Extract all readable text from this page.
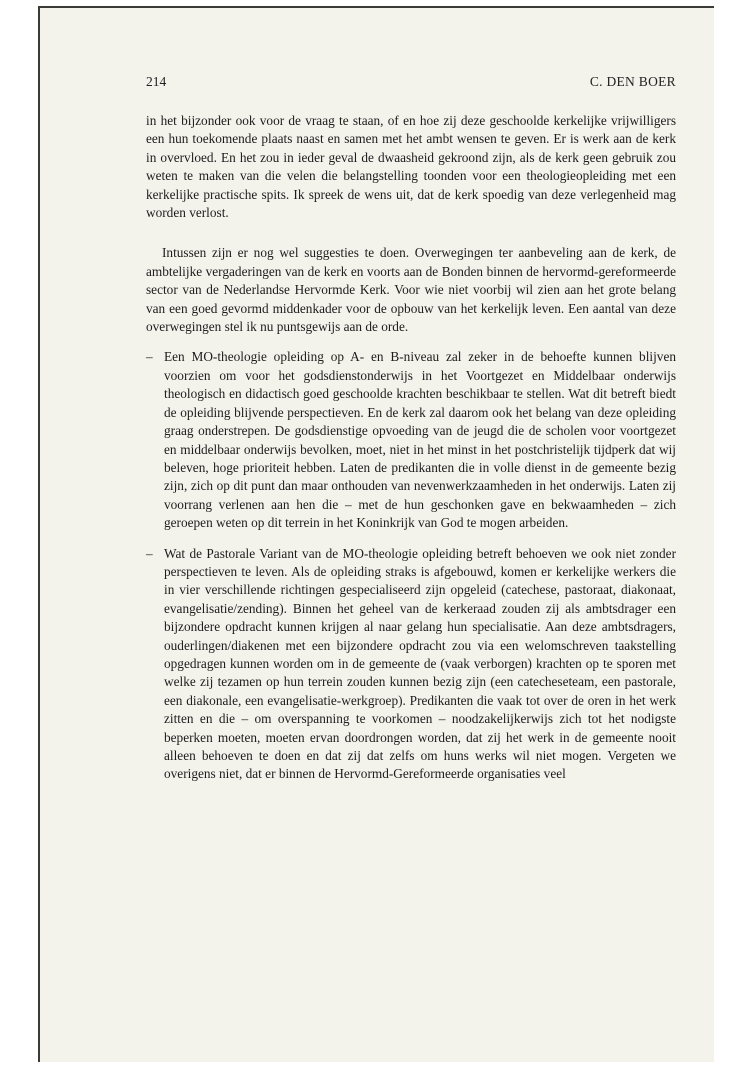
214	C. DEN BOER

in het bijzonder ook voor de vraag te staan, of en hoe zij deze geschoolde kerkelijke vrijwilligers een hun toekomende plaats naast en samen met het ambt wensen te geven. Er is werk aan de kerk in overvloed. En het zou in ieder geval de dwaasheid gekroond zijn, als de kerk geen gebruik zou weten te maken van die velen die belangstelling toonden voor een theologieopleiding met een kerkelijke practische spits. Ik spreek de wens uit, dat de kerk spoedig van deze verlegenheid mag worden verlost.

Intussen zijn er nog wel suggesties te doen. Overwegingen ter aanbeveling aan de kerk, de ambtelijke vergaderingen van de kerk en voorts aan de Bonden binnen de hervormd-gereformeerde sector van de Nederlandse Hervormde Kerk. Voor wie niet voorbij wil zien aan het grote belang van een goed gevormd middenkader voor de opbouw van het kerkelijk leven. Een aantal van deze overwegingen stel ik nu puntsgewijs aan de orde.

– Een MO-theologie opleiding op A- en B-niveau zal zeker in de behoefte kunnen blijven voorzien om voor het godsdienstonderwijs in het Voortgezet en Middelbaar onderwijs theologisch en didactisch goed geschoolde krachten beschikbaar te stellen. Wat dit betreft biedt de opleiding blijvende perspectieven. En de kerk zal daarom ook het belang van deze opleiding graag onderstrepen. De godsdienstige opvoeding van de jeugd die de scholen voor voortgezet en middelbaar onderwijs bevolken, moet, niet in het minst in het postchristelijk tijdperk dat wij beleven, hoge prioriteit hebben. Laten de predikanten die in volle dienst in de gemeente bezig zijn, zich op dit punt dan maar onthouden van nevenwerkzaamheden in het onderwijs. Laten zij voorrang verlenen aan hen die – met de hun geschonken gave en bekwaamheden – zich geroepen weten op dit terrein in het Koninkrijk van God te mogen arbeiden.

– Wat de Pastorale Variant van de MO-theologie opleiding betreft behoeven we ook niet zonder perspectieven te leven. Als de opleiding straks is afgebouwd, komen er kerkelijke werkers die in vier verschillende richtingen gespecialiseerd zijn opgeleid (catechese, pastoraat, diakonaat, evangelisatie/zending). Binnen het geheel van de kerkeraad zouden zij als ambtsdrager een bijzondere opdracht kunnen krijgen al naar gelang hun specialisatie. Aan deze ambtsdragers, ouderlingen/diakenen met een bijzondere opdracht zou via een welomschreven taakstelling opgedragen kunnen worden om in de gemeente de (vaak verborgen) krachten op te sporen met welke zij tezamen op hun terrein zouden kunnen bezig zijn (een catecheseteam, een pastorale, een diakonale, een evangelisatie-werkgroep). Predikanten die vaak tot over de oren in het werk zitten en die – om overspanning te voorkomen – noodzakelijkerwijs zich tot het nodigste beperken moeten, moeten ervan doordrongen worden, dat zij het werk in de gemeente nooit alleen behoeven te doen en dat zij dat zelfs om huns werks wil niet mogen. Vergeten we overigens niet, dat er binnen de Hervormd-Gereformeerde organisaties veel
